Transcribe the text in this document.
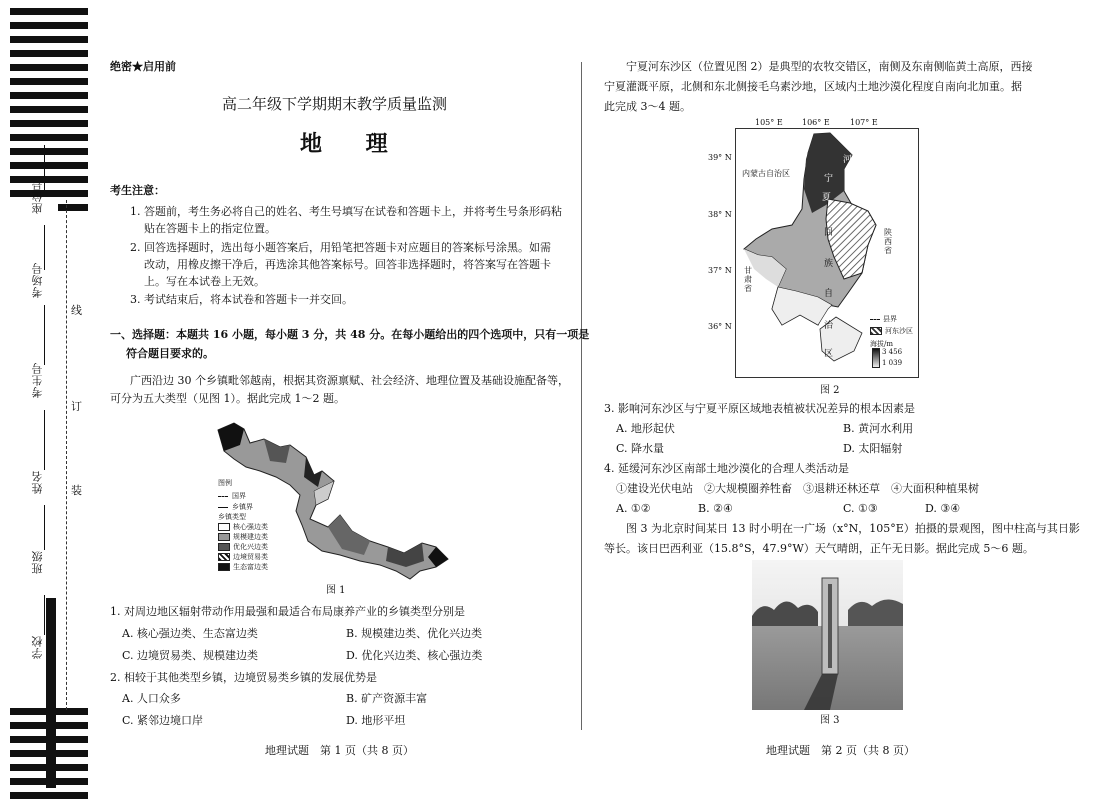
座位号
考场号
考生号
姓名
班级
学校
线
订
装
绝密★启用前
高二年级下学期期末教学质量监测
地 理
考生注意：
1. 答题前，考生务必将自己的姓名、考生号填写在试卷和答题卡上，并将考生号条形码粘
贴在答题卡上的指定位置。
2. 回答选择题时，选出每小题答案后，用铅笔把答题卡对应题目的答案标号涂黑。如需
改动，用橡皮擦干净后，再选涂其他答案标号。回答非选择题时，将答案写在答题卡
上。写在本试卷上无效。
3. 考试结束后，将本试卷和答题卡一并交回。
一、选择题：本题共 16 小题，每小题 3 分，共 48 分。在每小题给出的四个选项中，只有一项是
符合题目要求的。
广西沿边 30 个乡镇毗邻越南，根据其资源禀赋、社会经济、地理位置及基础设施配备等，
可分为五大类型（见图 1）。据此完成 1～2 题。
图例
国界
乡镇界
乡镇类型
核心强边类
规模建边类
优化兴边类
边境贸易类
生态富边类
图 1
1. 对周边地区辐射带动作用最强和最适合布局康养产业的乡镇类型分别是
A. 核心强边类、生态富边类	B. 规模建边类、优化兴边类
C. 边境贸易类、规模建边类	D. 优化兴边类、核心强边类
2. 相较于其他类型乡镇，边境贸易类乡镇的发展优势是
A. 人口众多	B. 矿产资源丰富
C. 紧邻边境口岸	D. 地形平坦
地理试题　第 1 页（共 8 页）
宁夏河东沙区（位置见图 2）是典型的农牧交错区，南侧及东南侧临黄土高原，西接
宁夏灌溉平原，北侧和东北侧接毛乌素沙地，区域内土地沙漠化程度自南向北加重。据
此完成 3～4 题。
105° E 106° E	107° E
39° N
38° N
37° N
36° N
内蒙古自治区
陕西省
甘肃省
河
宁
夏
回
族
自
治
区
县界
河东沙区
海拔/m
3 456
1 039
图 2
3. 影响河东沙区与宁夏平原区域地表植被状况差异的根本因素是
A. 地形起伏	B. 黄河水利用
C. 降水量	D. 太阳辐射
4. 延缓河东沙区南部土地沙漠化的合理人类活动是
①建设光伏电站　②大规模圈养牲畜　③退耕还林还草　④大面积种植果树
A. ①②	B. ②④	C. ①③	D. ③④
图 3 为北京时间某日 13 时小明在一广场（x°N，105°E）拍摄的景观图，图中柱高与其日影
等长。该日巴西利亚（15.8°S，47.9°W）天气晴朗，正午无日影。据此完成 5～6 题。
图 3
地理试题　第 2 页（共 8 页）
